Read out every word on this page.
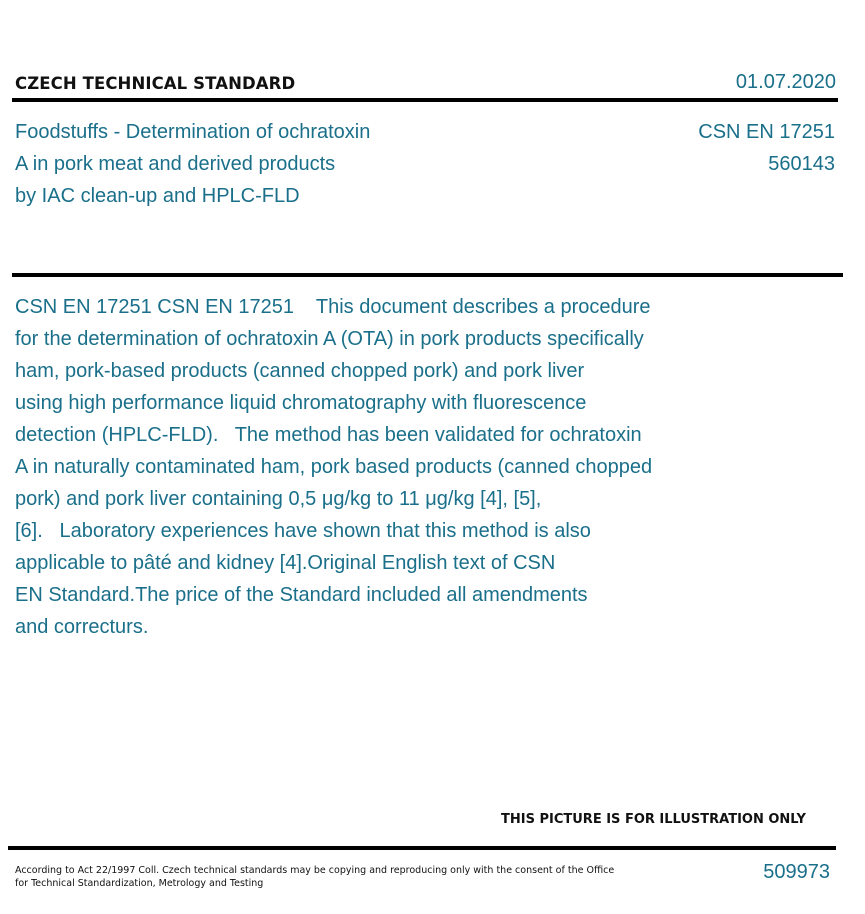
CZECH TECHNICAL STANDARD	01.07.2020
Foodstuffs - Determination of ochratoxin
A in pork meat and derived products
by IAC clean-up and HPLC-FLD
CSN EN 17251
560143
CSN EN 17251 CSN EN 17251    This document describes a procedure
for the determination of ochratoxin A (OTA) in pork products specifically
ham, pork-based products (canned chopped pork) and pork liver
using high performance liquid chromatography with fluorescence
detection (HPLC-FLD).   The method has been validated for ochratoxin
A in naturally contaminated ham, pork based products (canned chopped
pork) and pork liver containing 0,5 μg/kg to 11 μg/kg [4], [5],
[6].   Laboratory experiences have shown that this method is also
applicable to pâté and kidney [4].Original English text of CSN
EN Standard.The price of the Standard included all amendments
and correcturs.
THIS PICTURE IS FOR ILLUSTRATION ONLY
According to Act 22/1997 Coll. Czech technical standards may be copying and reproducing only with the consent of the Office
for Technical Standardization, Metrology and Testing
509973
